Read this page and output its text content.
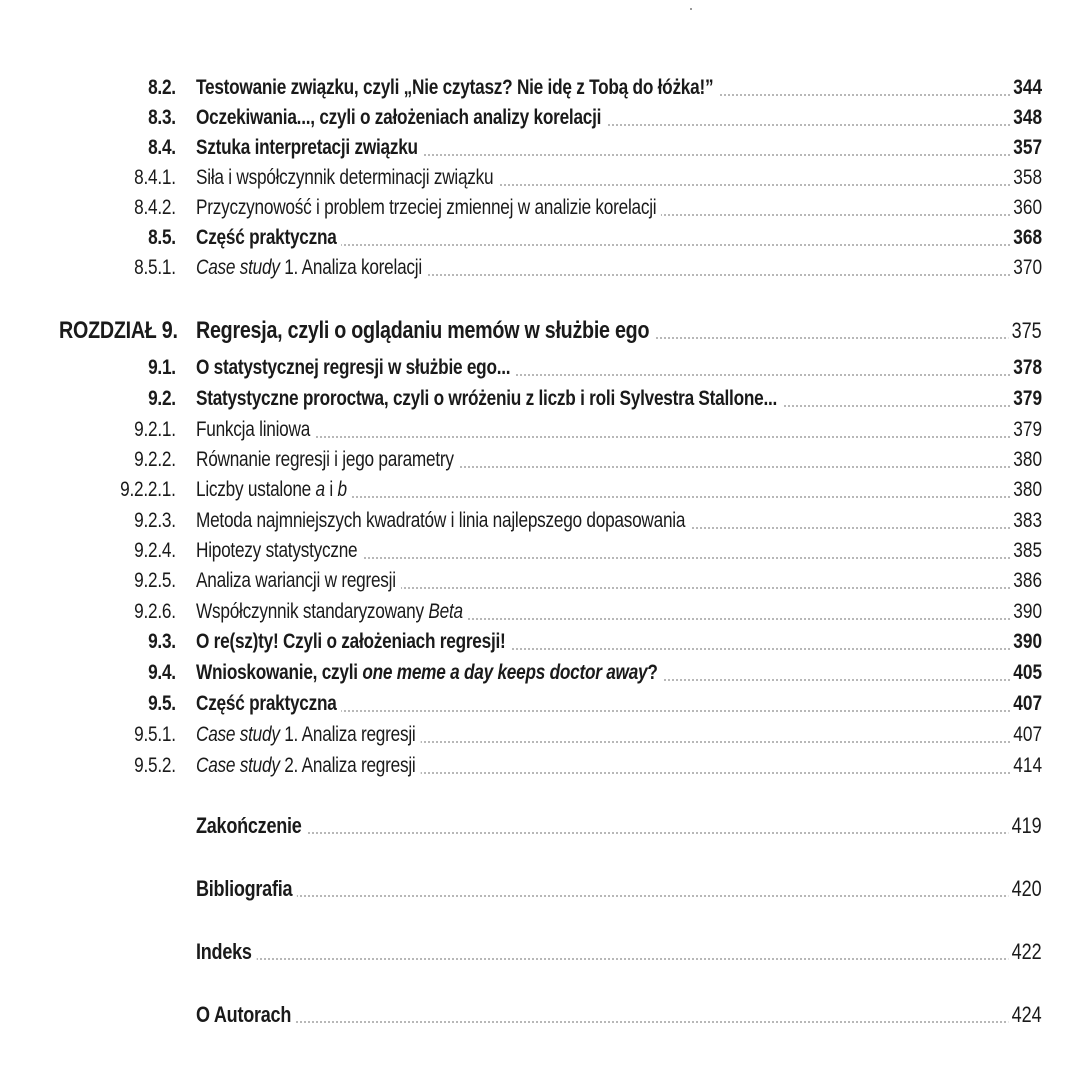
8.2. Testowanie związku, czyli „Nie czytasz? Nie idę z Tobą do łóżka!”	344
8.3. Oczekiwania..., czyli o założeniach analizy korelacji	348
8.4. Sztuka interpretacji związku	357
8.4.1. Siła i współczynnik determinacji związku	358
8.4.2. Przyczynowość i problem trzeciej zmiennej w analizie korelacji	360
8.5. Część praktyczna	368
8.5.1. Case study 1. Analiza korelacji	370
ROZDZIAŁ 9. Regresja, czyli o oglądaniu memów w służbie ego	375
9.1. O statystycznej regresji w służbie ego...	378
9.2. Statystyczne proroctwa, czyli o wróżeniu z liczb i roli Sylvestra Stallone...	379
9.2.1. Funkcja liniowa	379
9.2.2. Równanie regresji i jego parametry	380
9.2.2.1. Liczby ustalone a i b	380
9.2.3. Metoda najmniejszych kwadratów i linia najlepszego dopasowania	383
9.2.4. Hipotezy statystyczne	385
9.2.5. Analiza wariancji w regresji	386
9.2.6. Współczynnik standaryzowany Beta	390
9.3. O re(sz)ty! Czyli o założeniach regresji!	390
9.4. Wnioskowanie, czyli one meme a day keeps doctor away?	405
9.5. Część praktyczna	407
9.5.1. Case study 1. Analiza regresji	407
9.5.2. Case study 2. Analiza regresji	414
Zakończenie	419
Bibliografia	420
Indeks	422
O Autorach	424
